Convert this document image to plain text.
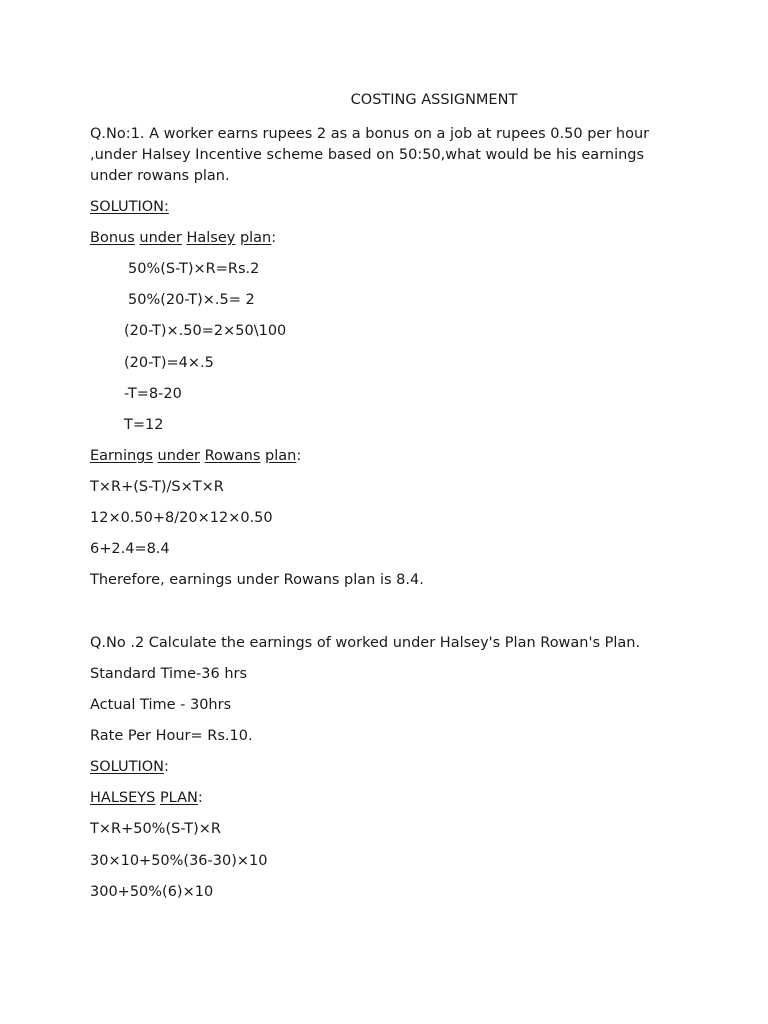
COSTING ASSIGNMENT

Q.No:1. A worker earns rupees 2 as a bonus on a job at rupees 0.50 per hour ,under Halsey Incentive scheme based on 50:50,what would be his earnings under rowans plan.

SOLUTION:

Bonus under Halsey plan:

50%(S-T)×R=Rs.2

50%(20-T)×.5= 2

(20-T)×.50=2×50\100

(20-T)=4×.5

-T=8-20

T=12

Earnings under Rowans plan:

T×R+(S-T)/S×T×R

12×0.50+8/20×12×0.50

6+2.4=8.4

Therefore, earnings under Rowans plan is 8.4.

Q.No .2 Calculate the earnings of worked under Halsey's Plan Rowan's Plan.

Standard Time-36 hrs

Actual Time - 30hrs

Rate Per Hour= Rs.10.

SOLUTION:

HALSEYS PLAN:

T×R+50%(S-T)×R

30×10+50%(36-30)×10

300+50%(6)×10
